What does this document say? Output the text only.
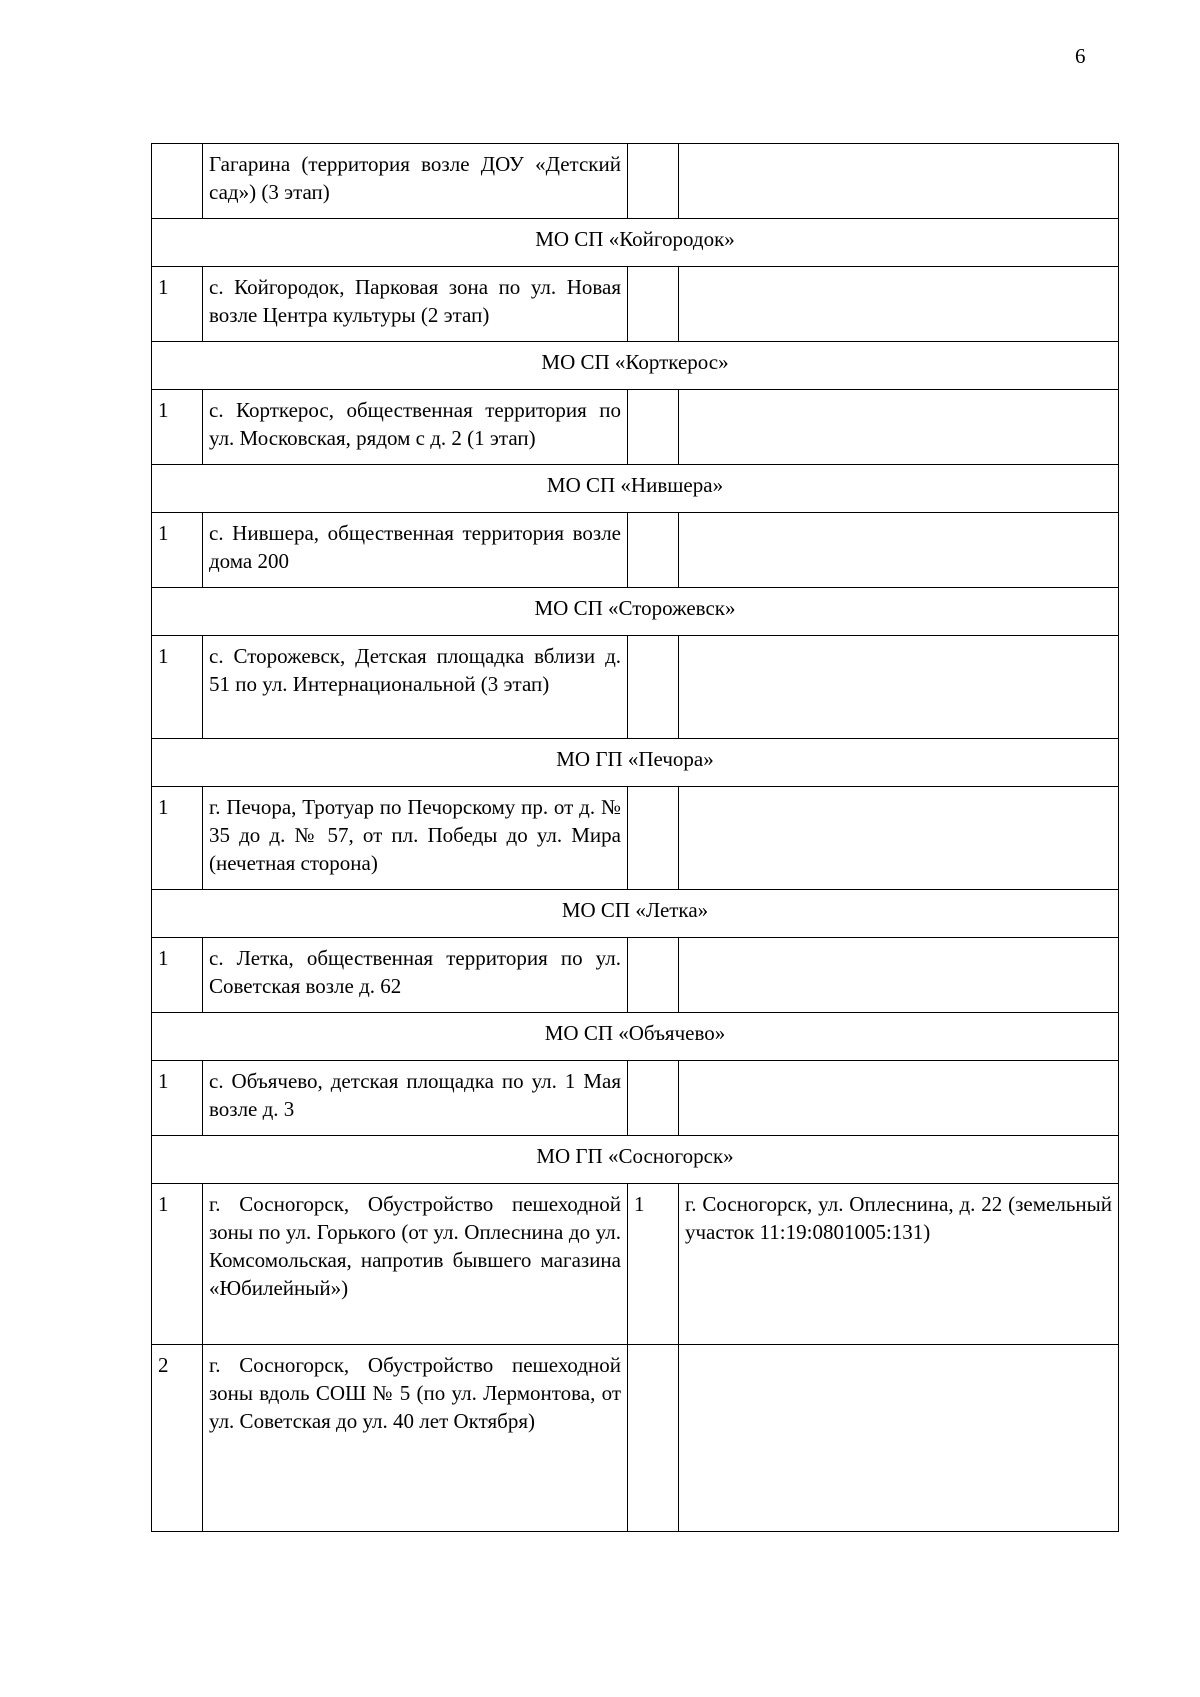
6
	Гагарина (территория возле ДОУ «Детский сад») (3 этап)		
МО СП «Койгородок»			
1	с. Койгородок, Парковая зона по ул. Новая возле Центра культуры (2 этап)		
МО СП «Корткерос»			
1	с. Корткерос, общественная территория по ул. Московская, рядом с д. 2 (1 этап)		
МО СП «Нившера»			
1	с. Нившера, общественная территория возле дома 200		
МО СП «Сторожевск»			
1	с. Сторожевск, Детская площадка вблизи д. 51 по ул. Интернациональной (3 этап)		
МО ГП «Печора»			
1	г. Печора, Тротуар по Печорскому пр. от д. № 35 до д. № 57, от пл. Победы до ул. Мира (нечетная сторона)		
МО СП «Летка»			
1	с. Летка, общественная территория по ул. Советская возле д. 62		
МО СП «Объячево»			
1	с. Объячево, детская площадка по ул. 1 Мая возле д. 3		
МО ГП «Сосногорск»			
1	г. Сосногорск, Обустройство пешеходной зоны по ул. Горького (от ул. Оплеснина до ул. Комсомольская, напротив бывшего магазина «Юбилейный»)	1	г. Сосногорск, ул. Оплеснина, д. 22 (земельный участок 11:19:0801005:131)
2	г. Сосногорск, Обустройство пешеходной зоны вдоль СОШ № 5 (по ул. Лермонтова, от ул. Советская до ул. 40 лет Октября)		
